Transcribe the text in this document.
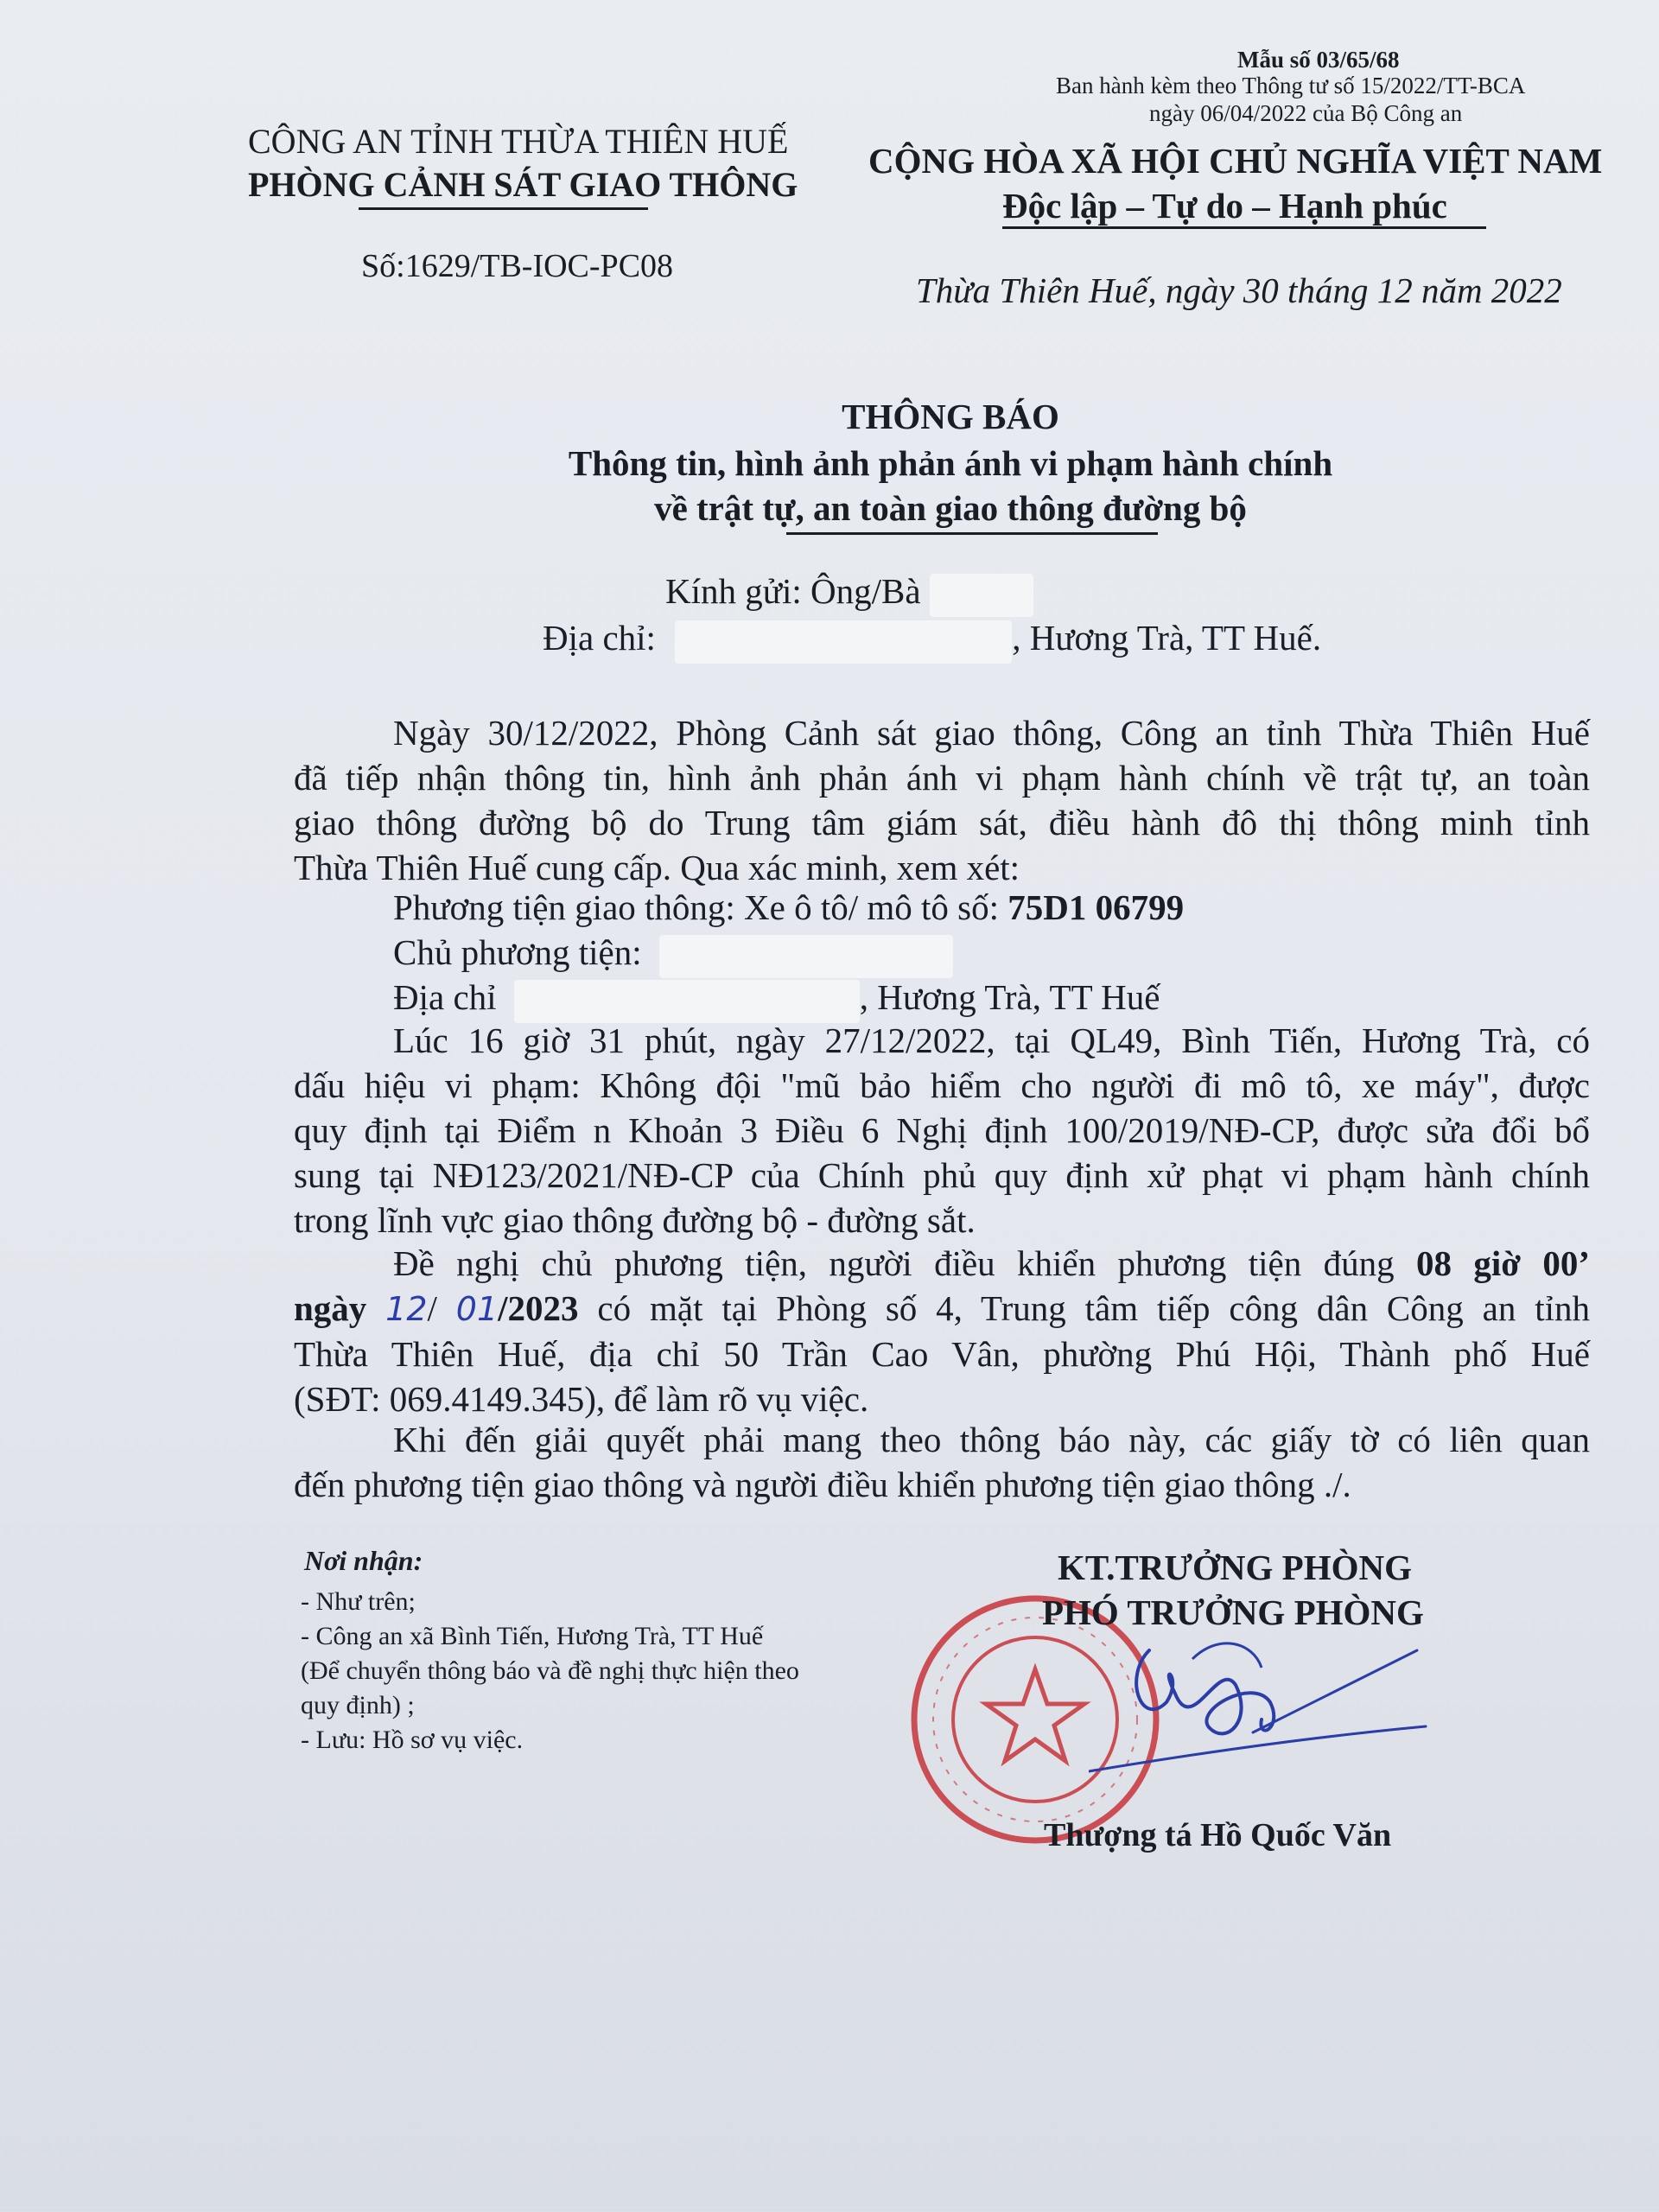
Mẫu số 03/65/68
Ban hành kèm theo Thông tư số 15/2022/TT-BCA
ngày 06/04/2022 của Bộ Công an
CÔNG AN TỈNH THỪA THIÊN HUẾ
PHÒNG CẢNH SÁT GIAO THÔNG
Số:1629/TB-IOC-PC08
CỘNG HÒA XÃ HỘI CHỦ NGHĨA VIỆT NAM
Độc lập – Tự do – Hạnh phúc
Thừa Thiên Huế, ngày 30 tháng 12 năm 2022
THÔNG BÁO
Thông tin, hình ảnh phản ánh vi phạm hành chính
về trật tự, an toàn giao thông đường bộ
Kính gửi: Ông/Bà
Địa chỉ:	, Hương Trà, TT Huế.
Ngày 30/12/2022, Phòng Cảnh sát giao thông, Công an tỉnh Thừa Thiên Huế
đã tiếp nhận thông tin, hình ảnh phản ánh vi phạm hành chính về trật tự, an toàn
giao thông đường bộ do Trung tâm giám sát, điều hành đô thị thông minh tỉnh
Thừa Thiên Huế cung cấp. Qua xác minh, xem xét:
Phương tiện giao thông: Xe ô tô/ mô tô số: 75D1 06799
Chủ phương tiện:
Địa chỉ	, Hương Trà, TT Huế
Lúc 16 giờ 31 phút, ngày 27/12/2022, tại QL49, Bình Tiến, Hương Trà, có
dấu hiệu vi phạm: Không đội "mũ bảo hiểm cho người đi mô tô, xe máy", được
quy định tại Điểm n Khoản 3 Điều 6 Nghị định 100/2019/NĐ-CP, được sửa đổi bổ
sung tại NĐ123/2021/NĐ-CP của Chính phủ quy định xử phạt vi phạm hành chính
trong lĩnh vực giao thông đường bộ - đường sắt.
Đề nghị chủ phương tiện, người điều khiển phương tiện đúng 08 giờ 00’
ngày 12/ 01/2023 có mặt tại Phòng số 4, Trung tâm tiếp công dân Công an tỉnh
Thừa Thiên Huế, địa chỉ 50 Trần Cao Vân, phường Phú Hội, Thành phố Huế
(SĐT: 069.4149.345), để làm rõ vụ việc.
Khi đến giải quyết phải mang theo thông báo này, các giấy tờ có liên quan
đến phương tiện giao thông và người điều khiển phương tiện giao thông ./.
Nơi nhận:
- Như trên;
- Công an xã Bình Tiến, Hương Trà, TT Huế
(Để chuyển thông báo và đề nghị thực hiện theo
quy định) ;
- Lưu: Hồ sơ vụ việc.
KT.TRƯỞNG PHÒNG
PHÓ TRƯỞNG PHÒNG
Thượng tá Hồ Quốc Văn
